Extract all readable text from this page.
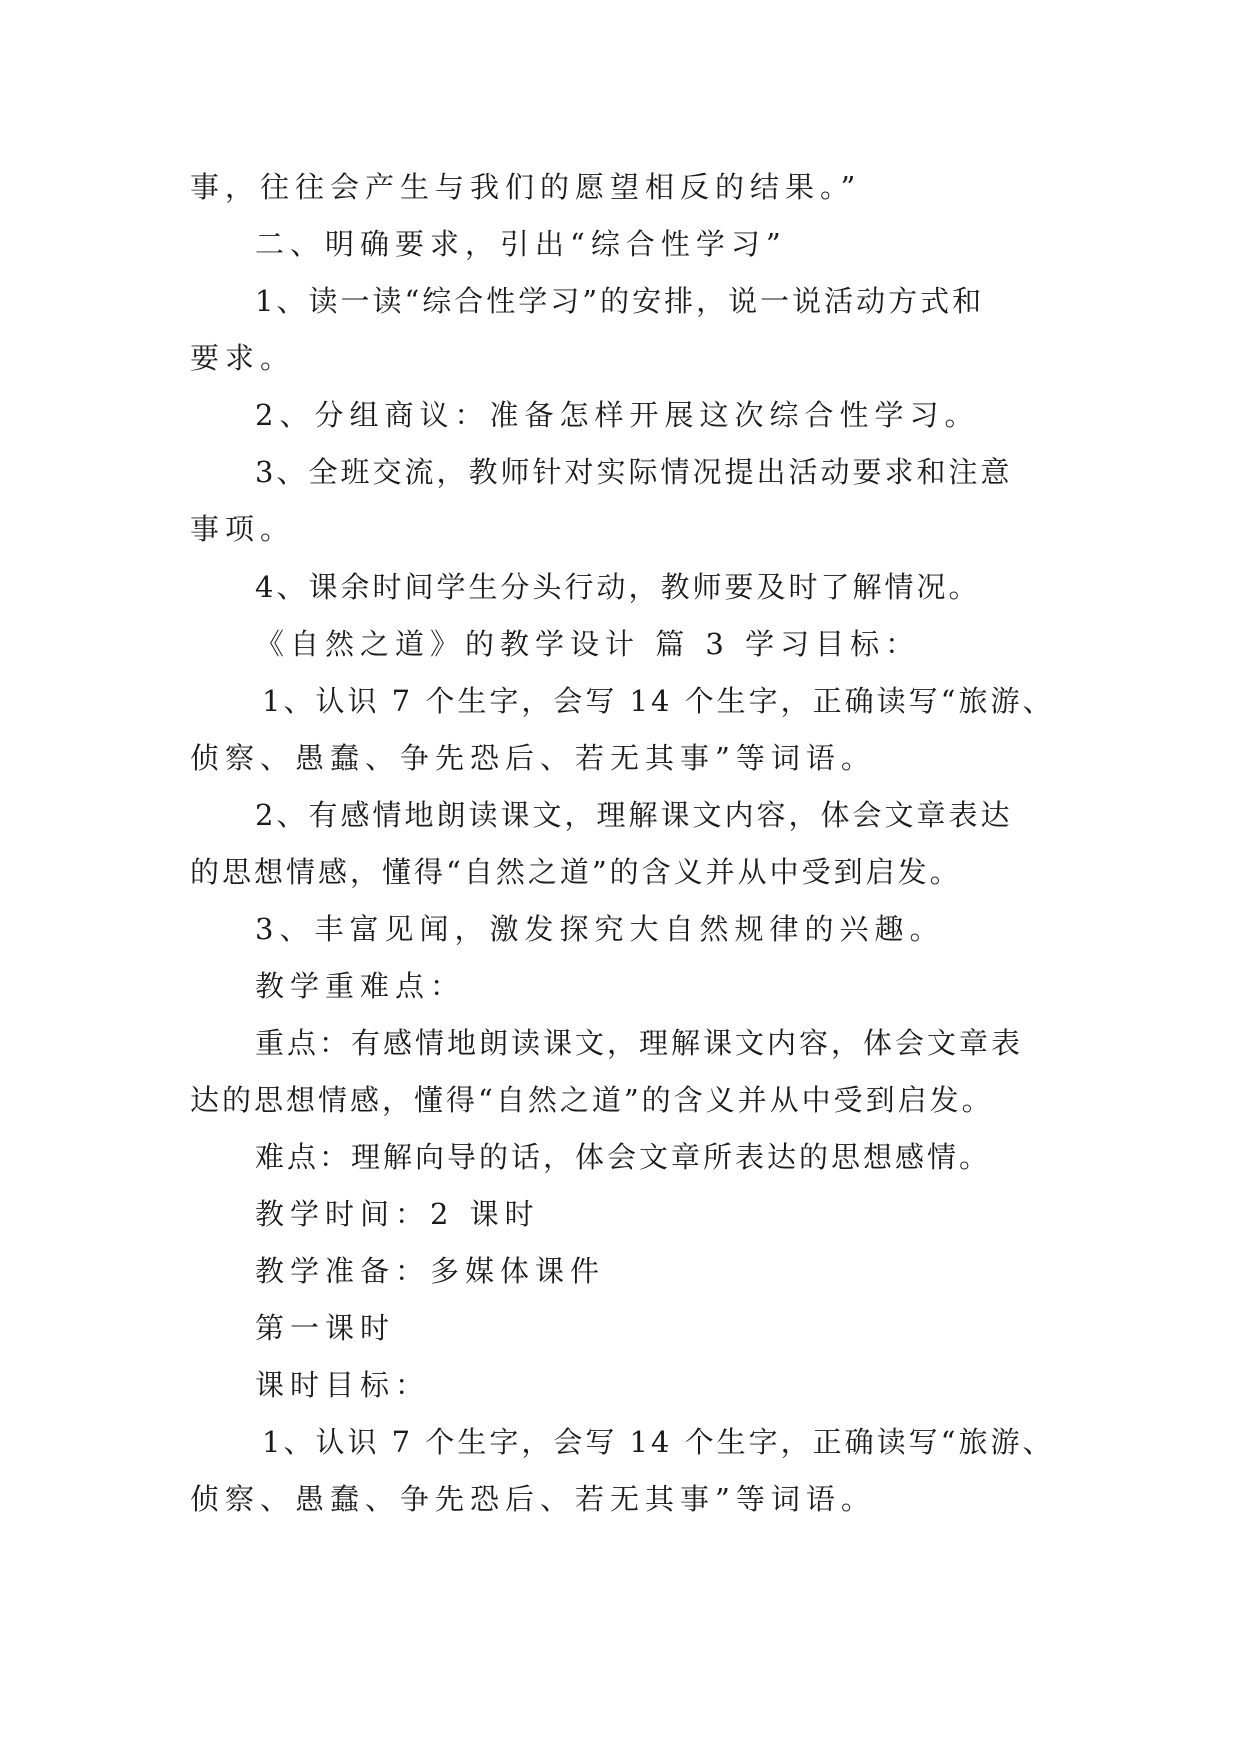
事，往往会产生与我们的愿望相反的结果。”
二、明确要求，引出“综合性学习”
1、读一读“综合性学习”的安排，说一说活动方式和
要求。
2、分组商议：准备怎样开展这次综合性学习。
3、全班交流，教师针对实际情况提出活动要求和注意
事项。
4、课余时间学生分头行动，教师要及时了解情况。
《自然之道》的教学设计 篇 3 学习目标：
1、认识 7 个生字，会写 14 个生字，正确读写“旅游、
侦察、愚蠢、争先恐后、若无其事”等词语。
2、有感情地朗读课文，理解课文内容，体会文章表达
的思想情感，懂得“自然之道”的含义并从中受到启发。
3、丰富见闻，激发探究大自然规律的兴趣。
教学重难点：
重点：有感情地朗读课文，理解课文内容，体会文章表
达的思想情感，懂得“自然之道”的含义并从中受到启发。
难点：理解向导的话，体会文章所表达的思想感情。
教学时间：2 课时
教学准备：多媒体课件
第一课时
课时目标：
1、认识 7 个生字，会写 14 个生字，正确读写“旅游、
侦察、愚蠢、争先恐后、若无其事”等词语。
